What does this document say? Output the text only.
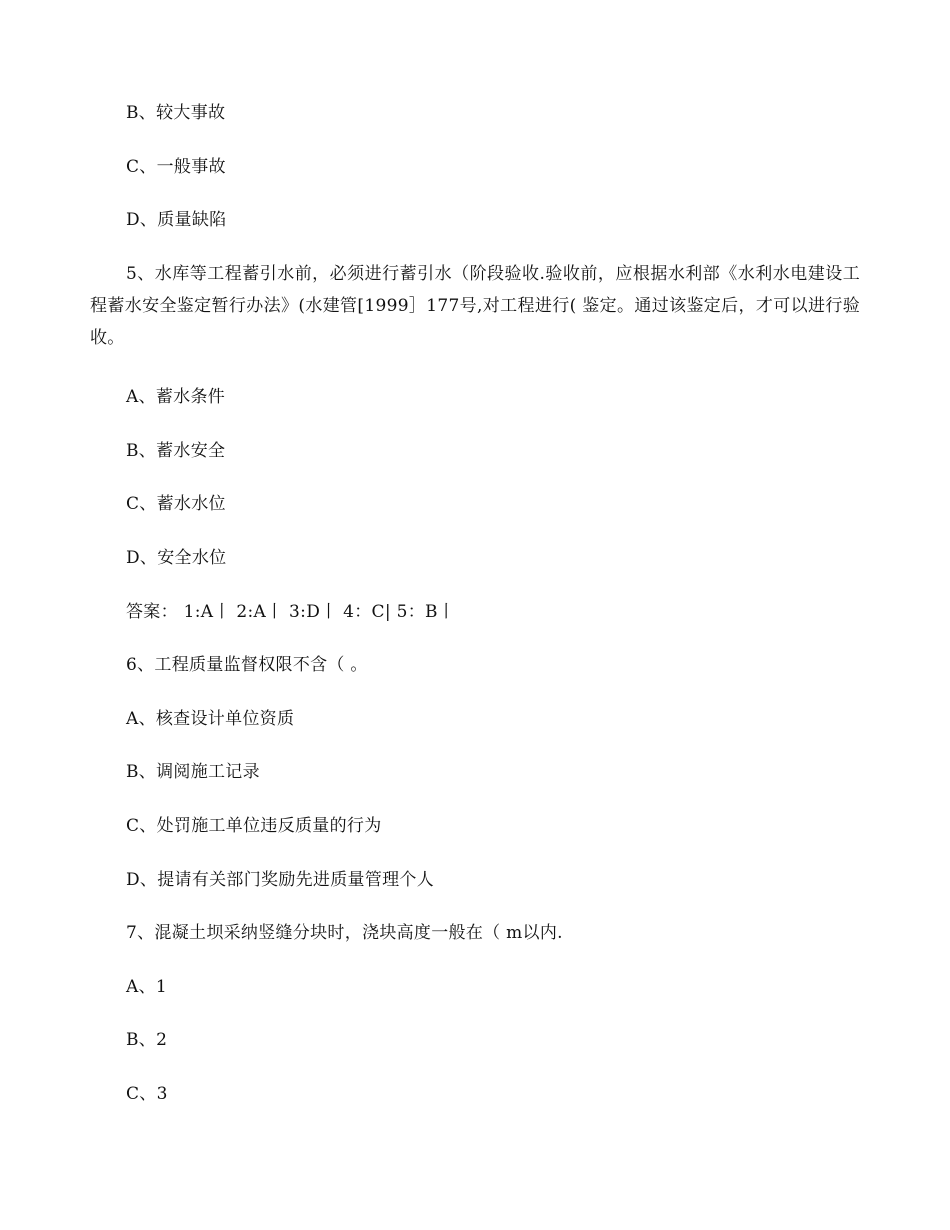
B、较大事故
C、一般事故
D、质量缺陷
5、水库等工程蓄引水前，必须进行蓄引水（阶段验收.验收前，应根据水利部《水利水电建设工程蓄水安全鉴定暂行办法》(水建管[1999］177号,对工程进行( 鉴定。通过该鉴定后，才可以进行验收。
A、蓄水条件
B、蓄水安全
C、蓄水水位
D、安全水位
答案： 1:A丨 2:A丨 3:D丨 4：C| 5：B丨
6、工程质量监督权限不含（ 。
A、核查设计单位资质
B、调阅施工记录
C、处罚施工单位违反质量的行为
D、提请有关部门奖励先进质量管理个人
7、混凝土坝采纳竖缝分块时，浇块高度一般在（ m以内.
A、1
B、2
C、3
